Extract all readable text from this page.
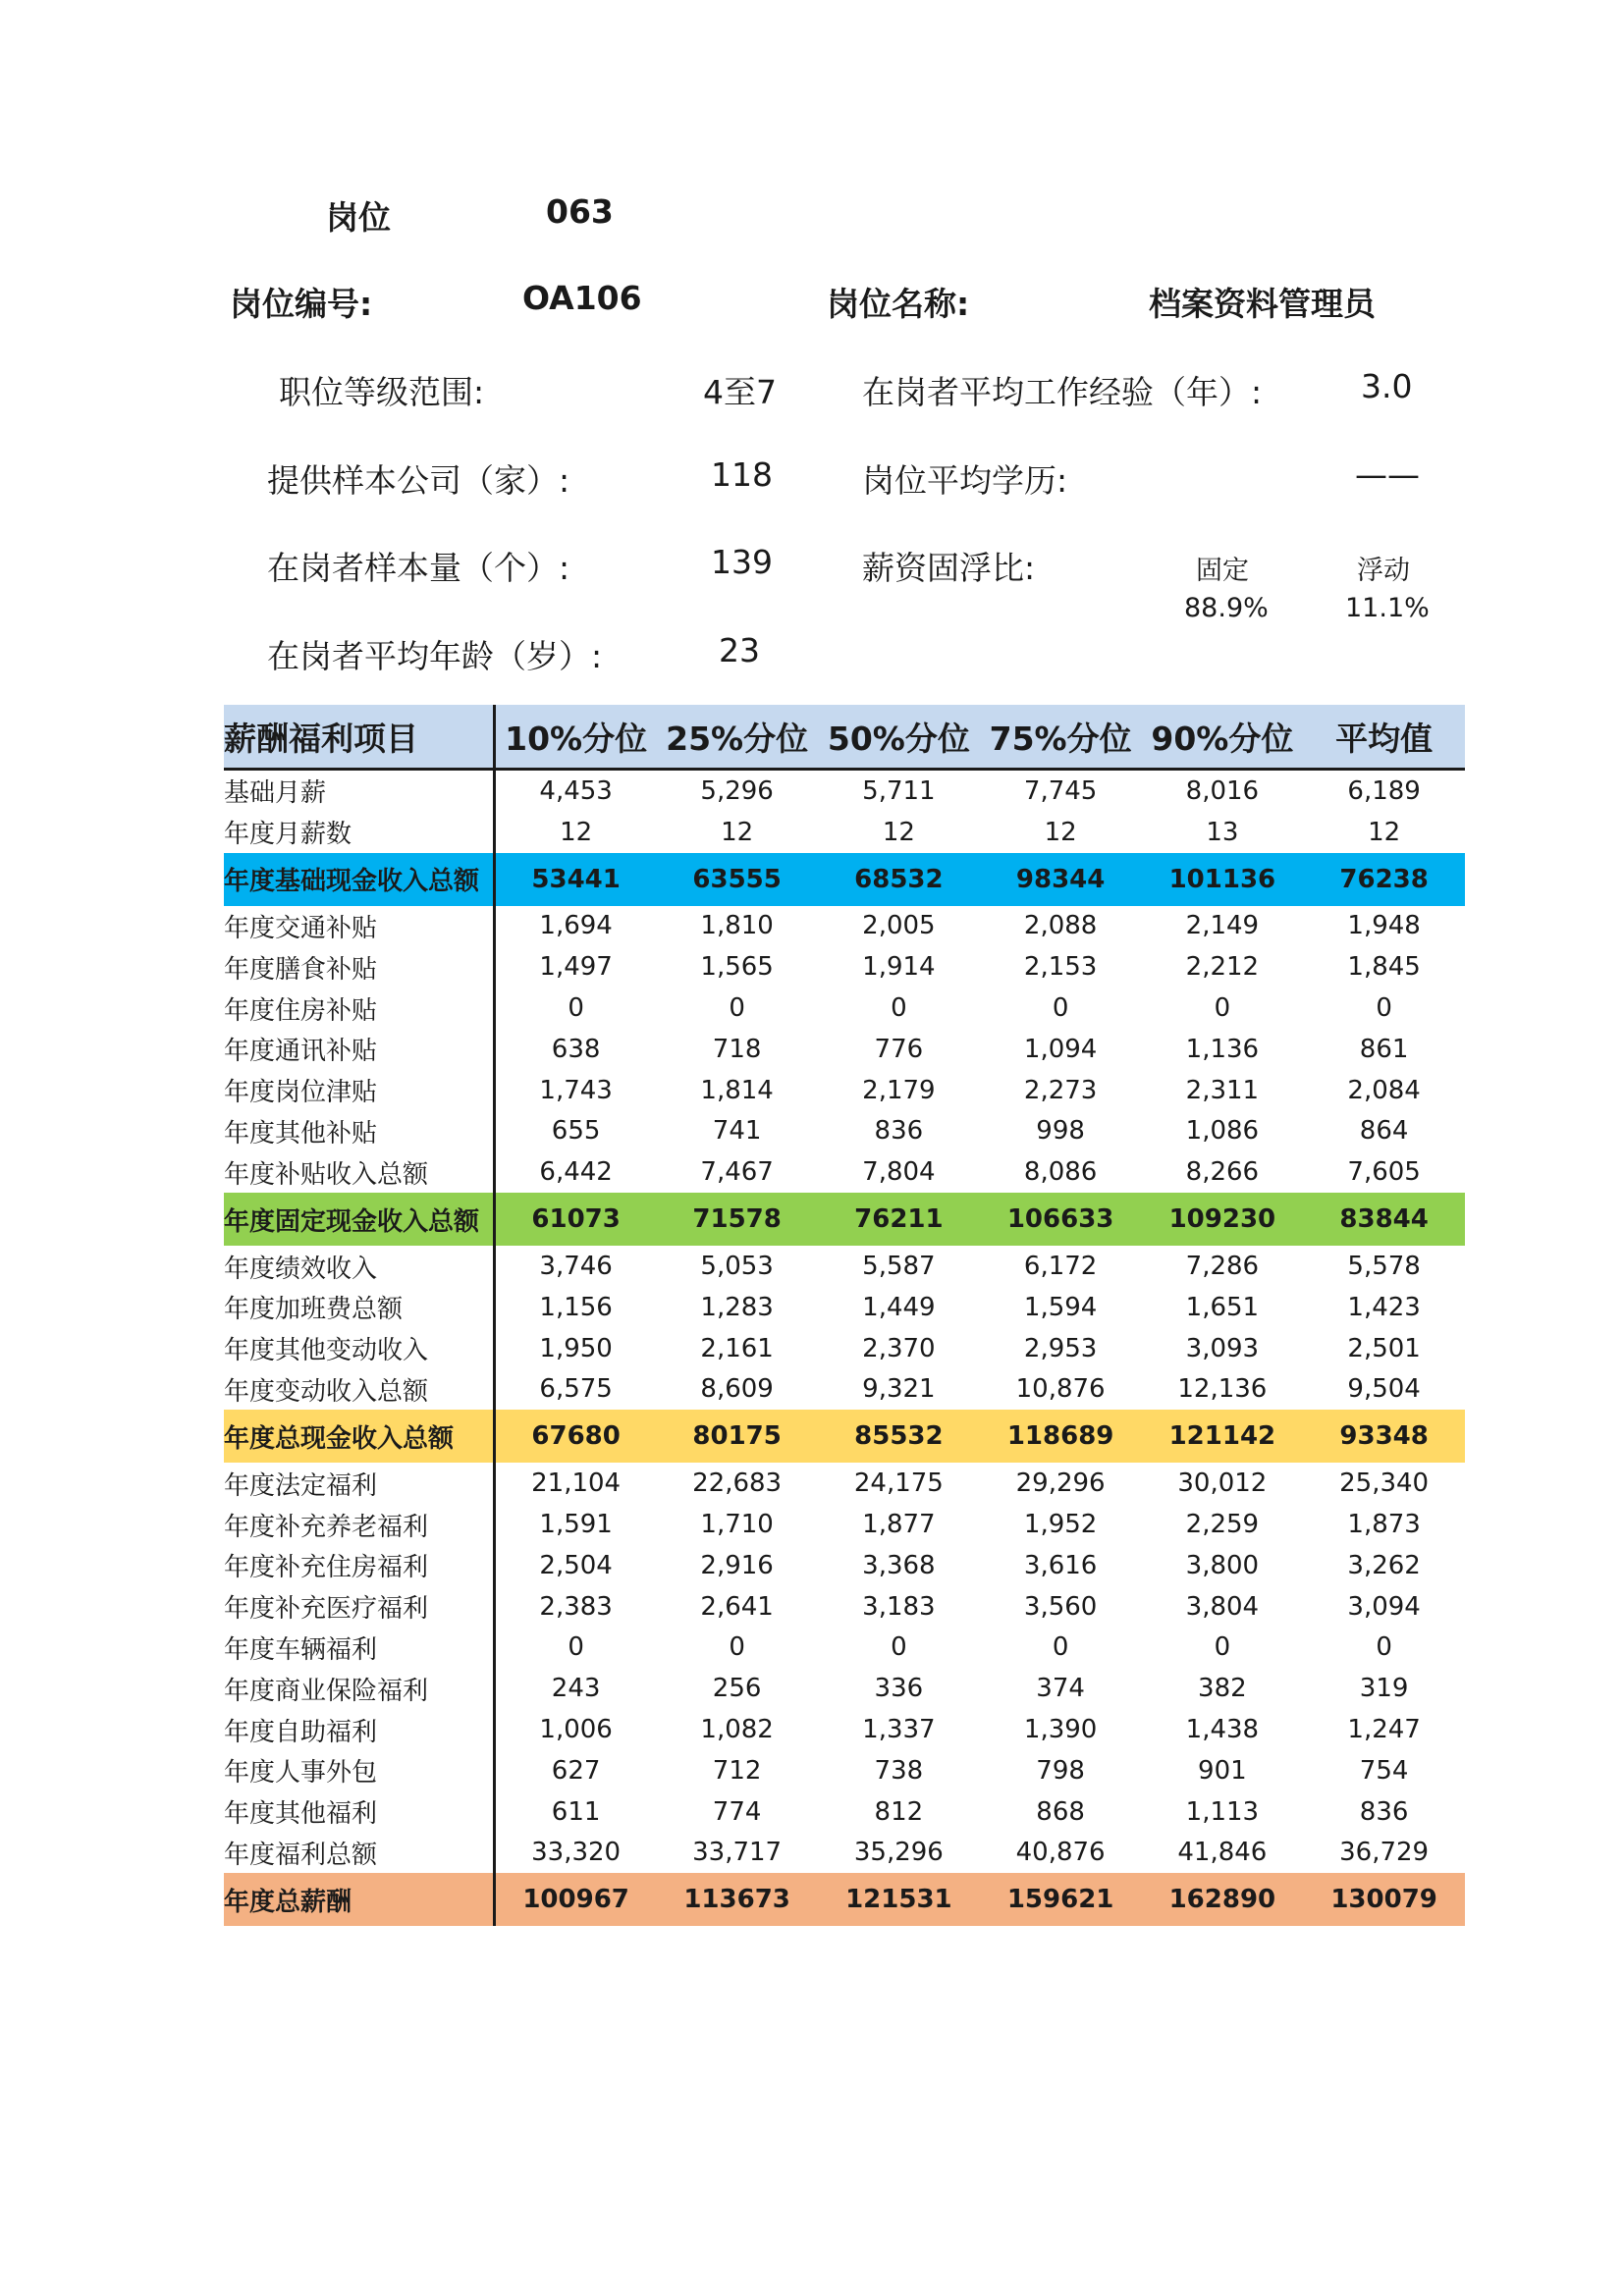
岗位	063
岗位编号:	OA106	岗位名称:	档案资料管理员
职位等级范围:	4至7
提供样本公司（家）:	118
在岗者样本量（个）:	139
在岗者平均年龄（岁）:	23
在岗者平均工作经验（年）:	3.0
岗位平均学历:	——
薪资固浮比:	固定	浮动
88.9%	11.1%
薪酬福利项目	10%分位	25%分位	50%分位	75%分位	90%分位	平均值
基础月薪	4,453	5,296	5,711	7,745	8,016	6,189
年度月薪数	12	12	12	12	13	12
年度基础现金收入总额	53441	63555	68532	98344	101136	76238
年度交通补贴	1,694	1,810	2,005	2,088	2,149	1,948
年度膳食补贴	1,497	1,565	1,914	2,153	2,212	1,845
年度住房补贴	0	0	0	0	0	0
年度通讯补贴	638	718	776	1,094	1,136	861
年度岗位津贴	1,743	1,814	2,179	2,273	2,311	2,084
年度其他补贴	655	741	836	998	1,086	864
年度补贴收入总额	6,442	7,467	7,804	8,086	8,266	7,605
年度固定现金收入总额	61073	71578	76211	106633	109230	83844
年度绩效收入	3,746	5,053	5,587	6,172	7,286	5,578
年度加班费总额	1,156	1,283	1,449	1,594	1,651	1,423
年度其他变动收入	1,950	2,161	2,370	2,953	3,093	2,501
年度变动收入总额	6,575	8,609	9,321	10,876	12,136	9,504
年度总现金收入总额	67680	80175	85532	118689	121142	93348
年度法定福利	21,104	22,683	24,175	29,296	30,012	25,340
年度补充养老福利	1,591	1,710	1,877	1,952	2,259	1,873
年度补充住房福利	2,504	2,916	3,368	3,616	3,800	3,262
年度补充医疗福利	2,383	2,641	3,183	3,560	3,804	3,094
年度车辆福利	0	0	0	0	0	0
年度商业保险福利	243	256	336	374	382	319
年度自助福利	1,006	1,082	1,337	1,390	1,438	1,247
年度人事外包	627	712	738	798	901	754
年度其他福利	611	774	812	868	1,113	836
年度福利总额	33,320	33,717	35,296	40,876	41,846	36,729
年度总薪酬	100967	113673	121531	159621	162890	130079
